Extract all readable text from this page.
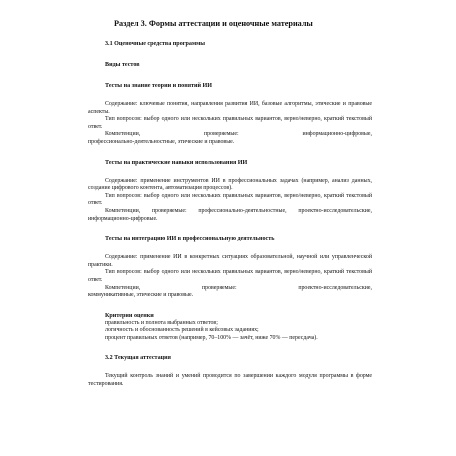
Раздел 3. Формы аттестации и оценочные материалы
3.1 Оценочные средства программы
Виды тестов
Тесты на знание теории и понятий ИИ
Содержание: ключевые понятия, направления развития ИИ, базовые алгоритмы, этические и правовые аспекты.
Тип вопросов: выбор одного или нескольких правильных вариантов, верно/неверно, краткий текстовый ответ.
Компетенции,	проверяемые:	информационно-цифровые,
профессионально-деятельностные, этические и правовые.
Тесты на практические навыки использования ИИ
Содержание: применение инструментов ИИ в профессиональных задачах (например, анализ данных, создание цифрового контента, автоматизация процессов).
Тип вопросов: выбор одного или нескольких правильных вариантов, верно/неверно, краткий текстовый ответ.
Компетенции, проверяемые: профессионально-деятельностные, проектно-исследовательские, информационно-цифровые.
Тесты на интеграцию ИИ в профессиональную деятельность
Содержание: применение ИИ в конкретных ситуациях образовательной, научной или управленческой практики.
Тип вопросов: выбор одного или нескольких правильных вариантов, верно/неверно, краткий текстовый ответ.
Компетенции,	проверяемые:	проектно-исследовательские,
коммуникативные, этические и правовые.
Критерии оценки
правильность и полнота выбранных ответов;
логичность и обоснованность решений в кейсовых заданиях;
процент правильных ответов (например, 70–100% — зачёт, ниже 70% — пересдача).
3.2 Текущая аттестация
Текущий контроль знаний и умений проводится по завершении каждого модуля программы в форме тестирования.
